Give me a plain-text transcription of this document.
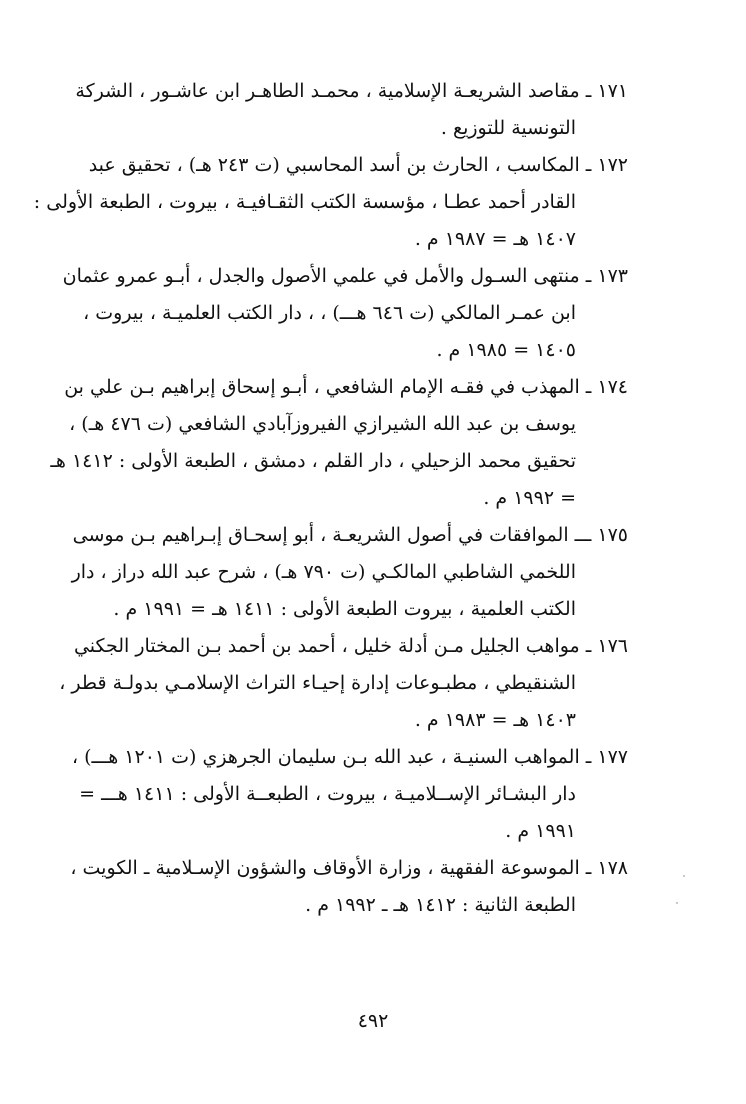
١٧١ ـ مقاصد الشريعـة الإسلامية ، محمـد الطاهـر ابن عاشـور ، الشركة
التونسية للتوزيع .
١٧٢ ـ المكاسب ، الحارث بن أسد المحاسبي (ت ٢٤٣ هـ) ، تحقيق عبد
القادر أحمد عطـا ، مؤسسة الكتب الثقـافيـة ، بيروت ، الطبعة الأولى :
١٤٠٧ هـ = ١٩٨٧ م .
١٧٣ ـ منتهى السـول والأمل في علمي الأصول والجدل ، أبـو عمرو عثمان
ابن عمـر المالكي (ت ٦٤٦ هـــ) ، ، دار الكتب العلميـة ، بيروت ،
١٤٠٥ = ١٩٨٥ م .
١٧٤ ـ المهذب في فقـه الإمام الشافعي ، أبـو إسحاق إبراهيم بـن علي بن
يوسف بن عبد الله الشيرازي الفيروزآبادي الشافعي (ت ٤٧٦ هـ) ،
تحقيق محمد الزحيلي ، دار القلم ، دمشق ، الطبعة الأولى : ١٤١٢ هـ
= ١٩٩٢ م .
١٧٥ ـــ الموافقات في أصول الشريعـة ، أبو إسحـاق إبـراهيم بـن موسى
اللخمي الشاطبي المالكـي (ت ٧٩٠ هـ) ، شرح عبد الله دراز ، دار
الكتب العلمية ، بيروت الطبعة الأولى : ١٤١١ هـ = ١٩٩١ م .
١٧٦ ـ مواهب الجليل مـن أدلة خليل ، أحمد بن أحمد بـن المختار الجكني
الشنقيطي ، مطبـوعات إدارة إحيـاء التراث الإسلامـي بدولـة قطر ،
١٤٠٣ هـ = ١٩٨٣ م .
١٧٧ ـ المواهب السنيـة ، عبد الله بـن سليمان الجرهزي (ت ١٢٠١ هـــ) ،
دار البشـائر الإســلاميـة ، بيروت ، الطبعــة الأولى : ١٤١١ هـــ =
١٩٩١ م .
١٧٨ ـ الموسوعة الفقهية ، وزارة الأوقاف والشؤون الإسـلامية ـ الكويت ،
الطبعة الثانية : ١٤١٢ هـ ـ ١٩٩٢ م .
٤٩٢
